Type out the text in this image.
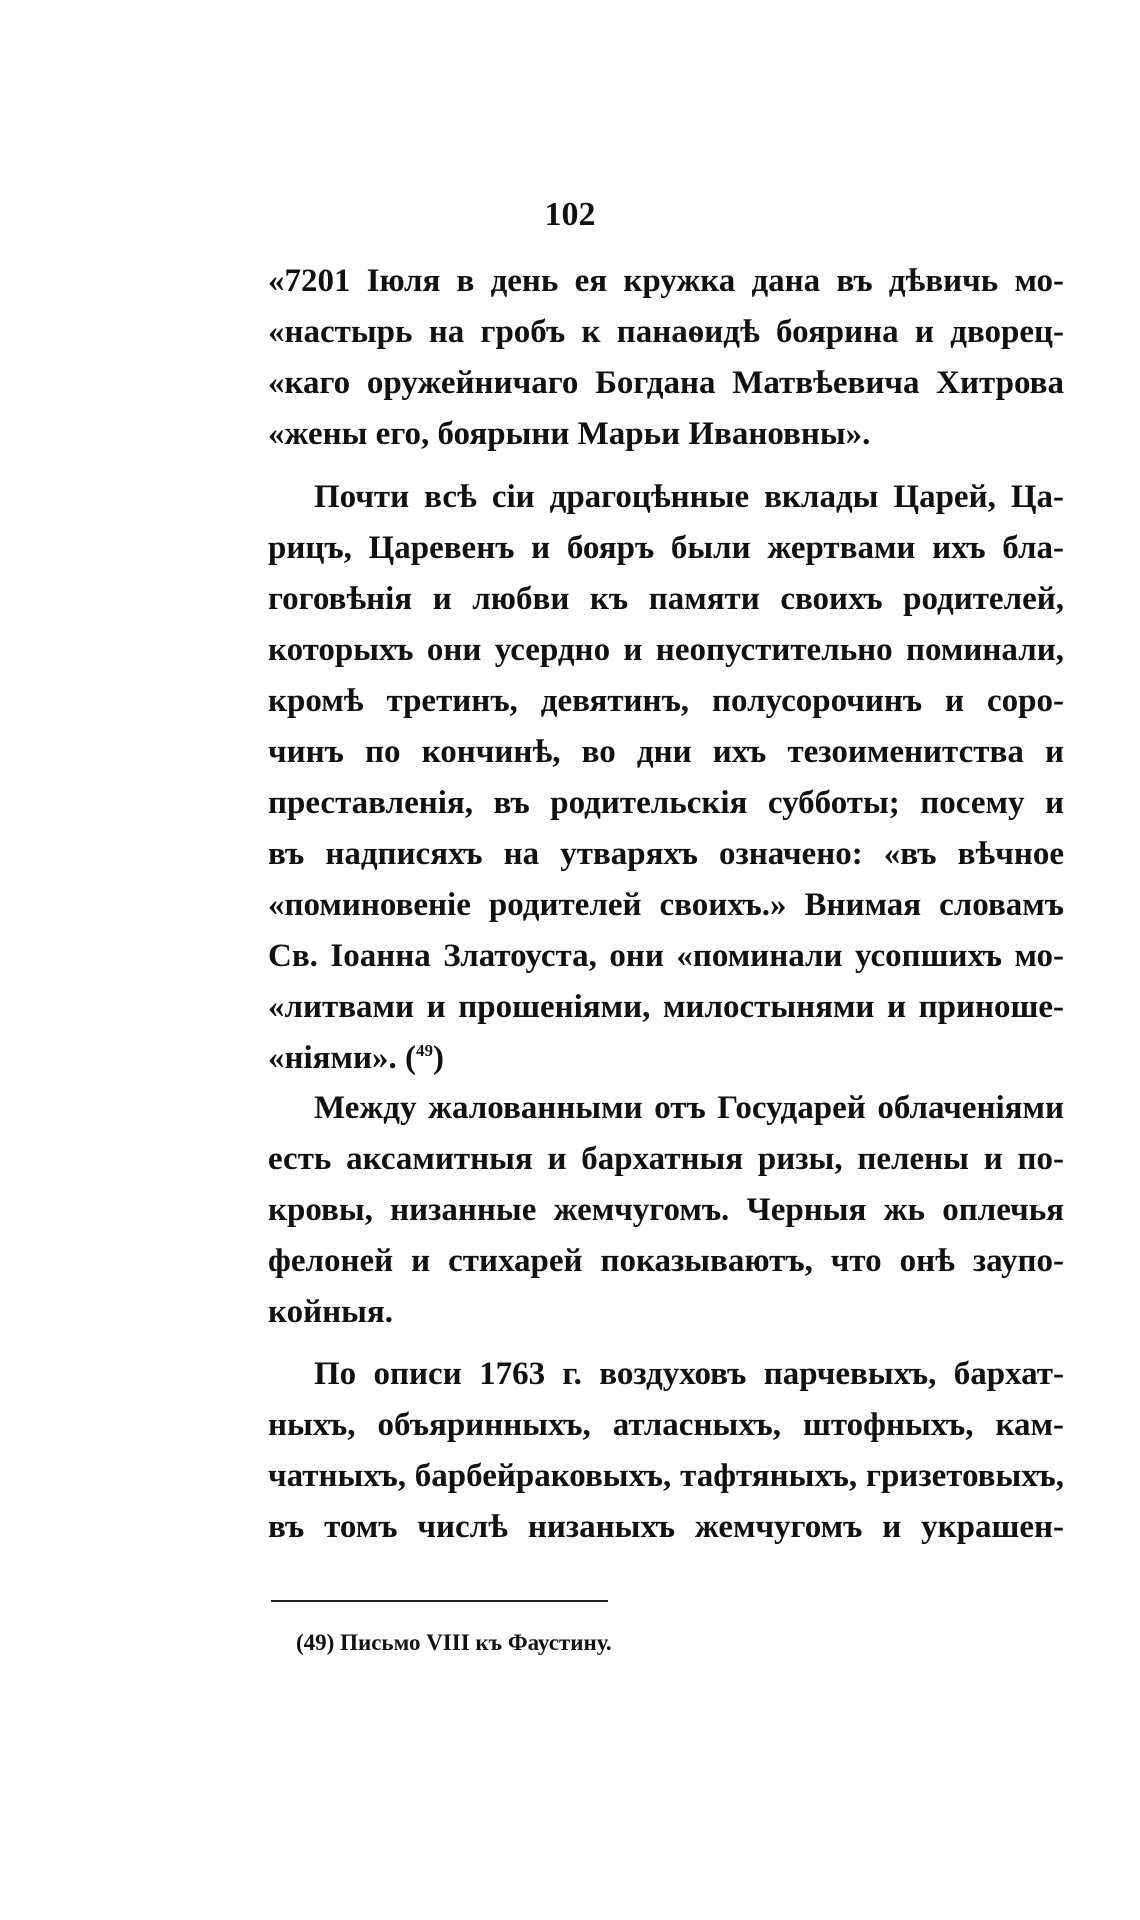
102
«7201 Іюля в день ея кружка дана въ дѣвичь мо-
«настырь на гробъ к панаѳидѣ боярина и дворец-
«каго оружейничаго Богдана Матвѣевича Хитрова
«жены его, боярыни Марьи Ивановны».
Почти всѣ сіи драгоцѣнные вклады Царей, Ца-
рицъ, Царевенъ и бояръ были жертвами ихъ бла-
гоговѣнія и любви къ памяти своихъ родителей,
которыхъ они усердно и неопустительно поминали,
кромѣ третинъ, девятинъ, полусорочинъ и соро-
чинъ по кончинѣ, во дни ихъ тезоименитства и
преставленія, въ родительскія субботы; посему и
въ надписяхъ на утваряхъ означено: «въ вѣчное
«поминовеніе родителей своихъ.» Внимая словамъ
Св. Іоанна Златоуста, они «поминали усопшихъ мо-
«литвами и прошеніями, милостынями и приноше-
«ніями». ($^{49}$)
Между жалованными отъ Государей облаченіями
есть аксамитныя и бархатныя ризы, пелены и по-
кровы, низанные жемчугомъ. Черныя жь оплечья
фелоней и стихарей показываютъ, что онѣ заупо-
койныя.
По описи 1763 г. воздуховъ парчевыхъ, бархат-
ныхъ, объяринныхъ, атласныхъ, штофныхъ, кам-
чатныхъ, барбейраковыхъ, тафтяныхъ, гризетовыхъ,
въ томъ числѣ низаныхъ жемчугомъ и украшен-
(49) Письмо VIII къ Фаустину.
